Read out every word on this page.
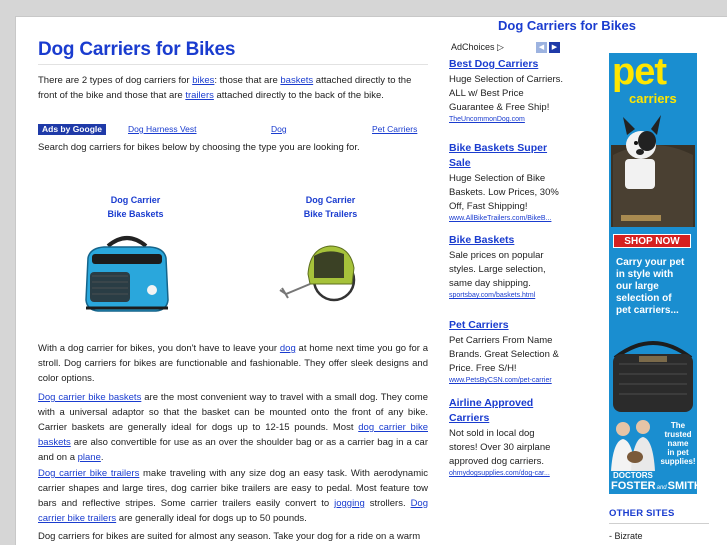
Dog Carriers for Bikes
Dog Carriers for Bikes

There are 2 types of dog carriers for bikes: those that are baskets attached directly to the front of the bike and those that are trailers attached directly to the back of the bike.

Ads by Google	Dog Harness Vest	Dog	Pet Carriers
Search dog carriers for bikes below by choosing the type you are looking for.
Dog Carrier
Bike Baskets
Dog Carrier
Bike Trailers
With a dog carrier for bikes, you don't have to leave your dog at home next time you go for a stroll. Dog carriers for bikes are functionable and fashionable. They offer sleek designs and color options.
Dog carrier bike baskets are the most convenient way to travel with a small dog. They come with a universal adaptor so that the basket can be mounted onto the front of any bike. Carrier baskets are generally ideal for dogs up to 12-15 pounds. Most dog carrier bike baskets are also convertible for use as an over the shoulder bag or as a carrier bag in a car and on a plane.
Dog carrier bike trailers make traveling with any size dog an easy task. With aerodynamic carrier shapes and large tires, dog carrier bike trailers are easy to pedal. Most feature tow bars and reflective stripes. Some carrier trailers easily convert to jogging strollers. Dog carrier bike trailers are generally ideal for dogs up to 50 pounds.
Dog carriers for bikes are suited for almost any season. Take your dog for a ride on a warm
AdChoices ▷	◀ ▶
Best Dog Carriers
Huge Selection of Carriers. ALL w/ Best Price Guarantee & Free Ship!
TheUncommonDog.com
Bike Baskets Super Sale
Huge Selection of Bike Baskets. Low Prices, 30% Off, Fast Shipping!
www.AllBikeTrailers.com/BikeB...
Bike Baskets
Sale prices on popular styles. Large selection, same day shipping.
sportsbay.com/baskets.html
Pet Carriers
Pet Carriers From Name Brands. Great Selection & Price. Free S/H!
www.PetsByCSN.com/pet-carrier
Airline Approved Carriers
Not sold in local dog stores! Over 30 airplane approved dog carriers.
ohmydogsupplies.com/dog-car...
pet
carriers
SHOP NOW
Carry your pet
in style with
our large
selection of
pet carriers...
The
trusted
name
in pet
supplies!
DOCTORS
FOSTERandSMITH
OTHER SITES
- Bizrate
